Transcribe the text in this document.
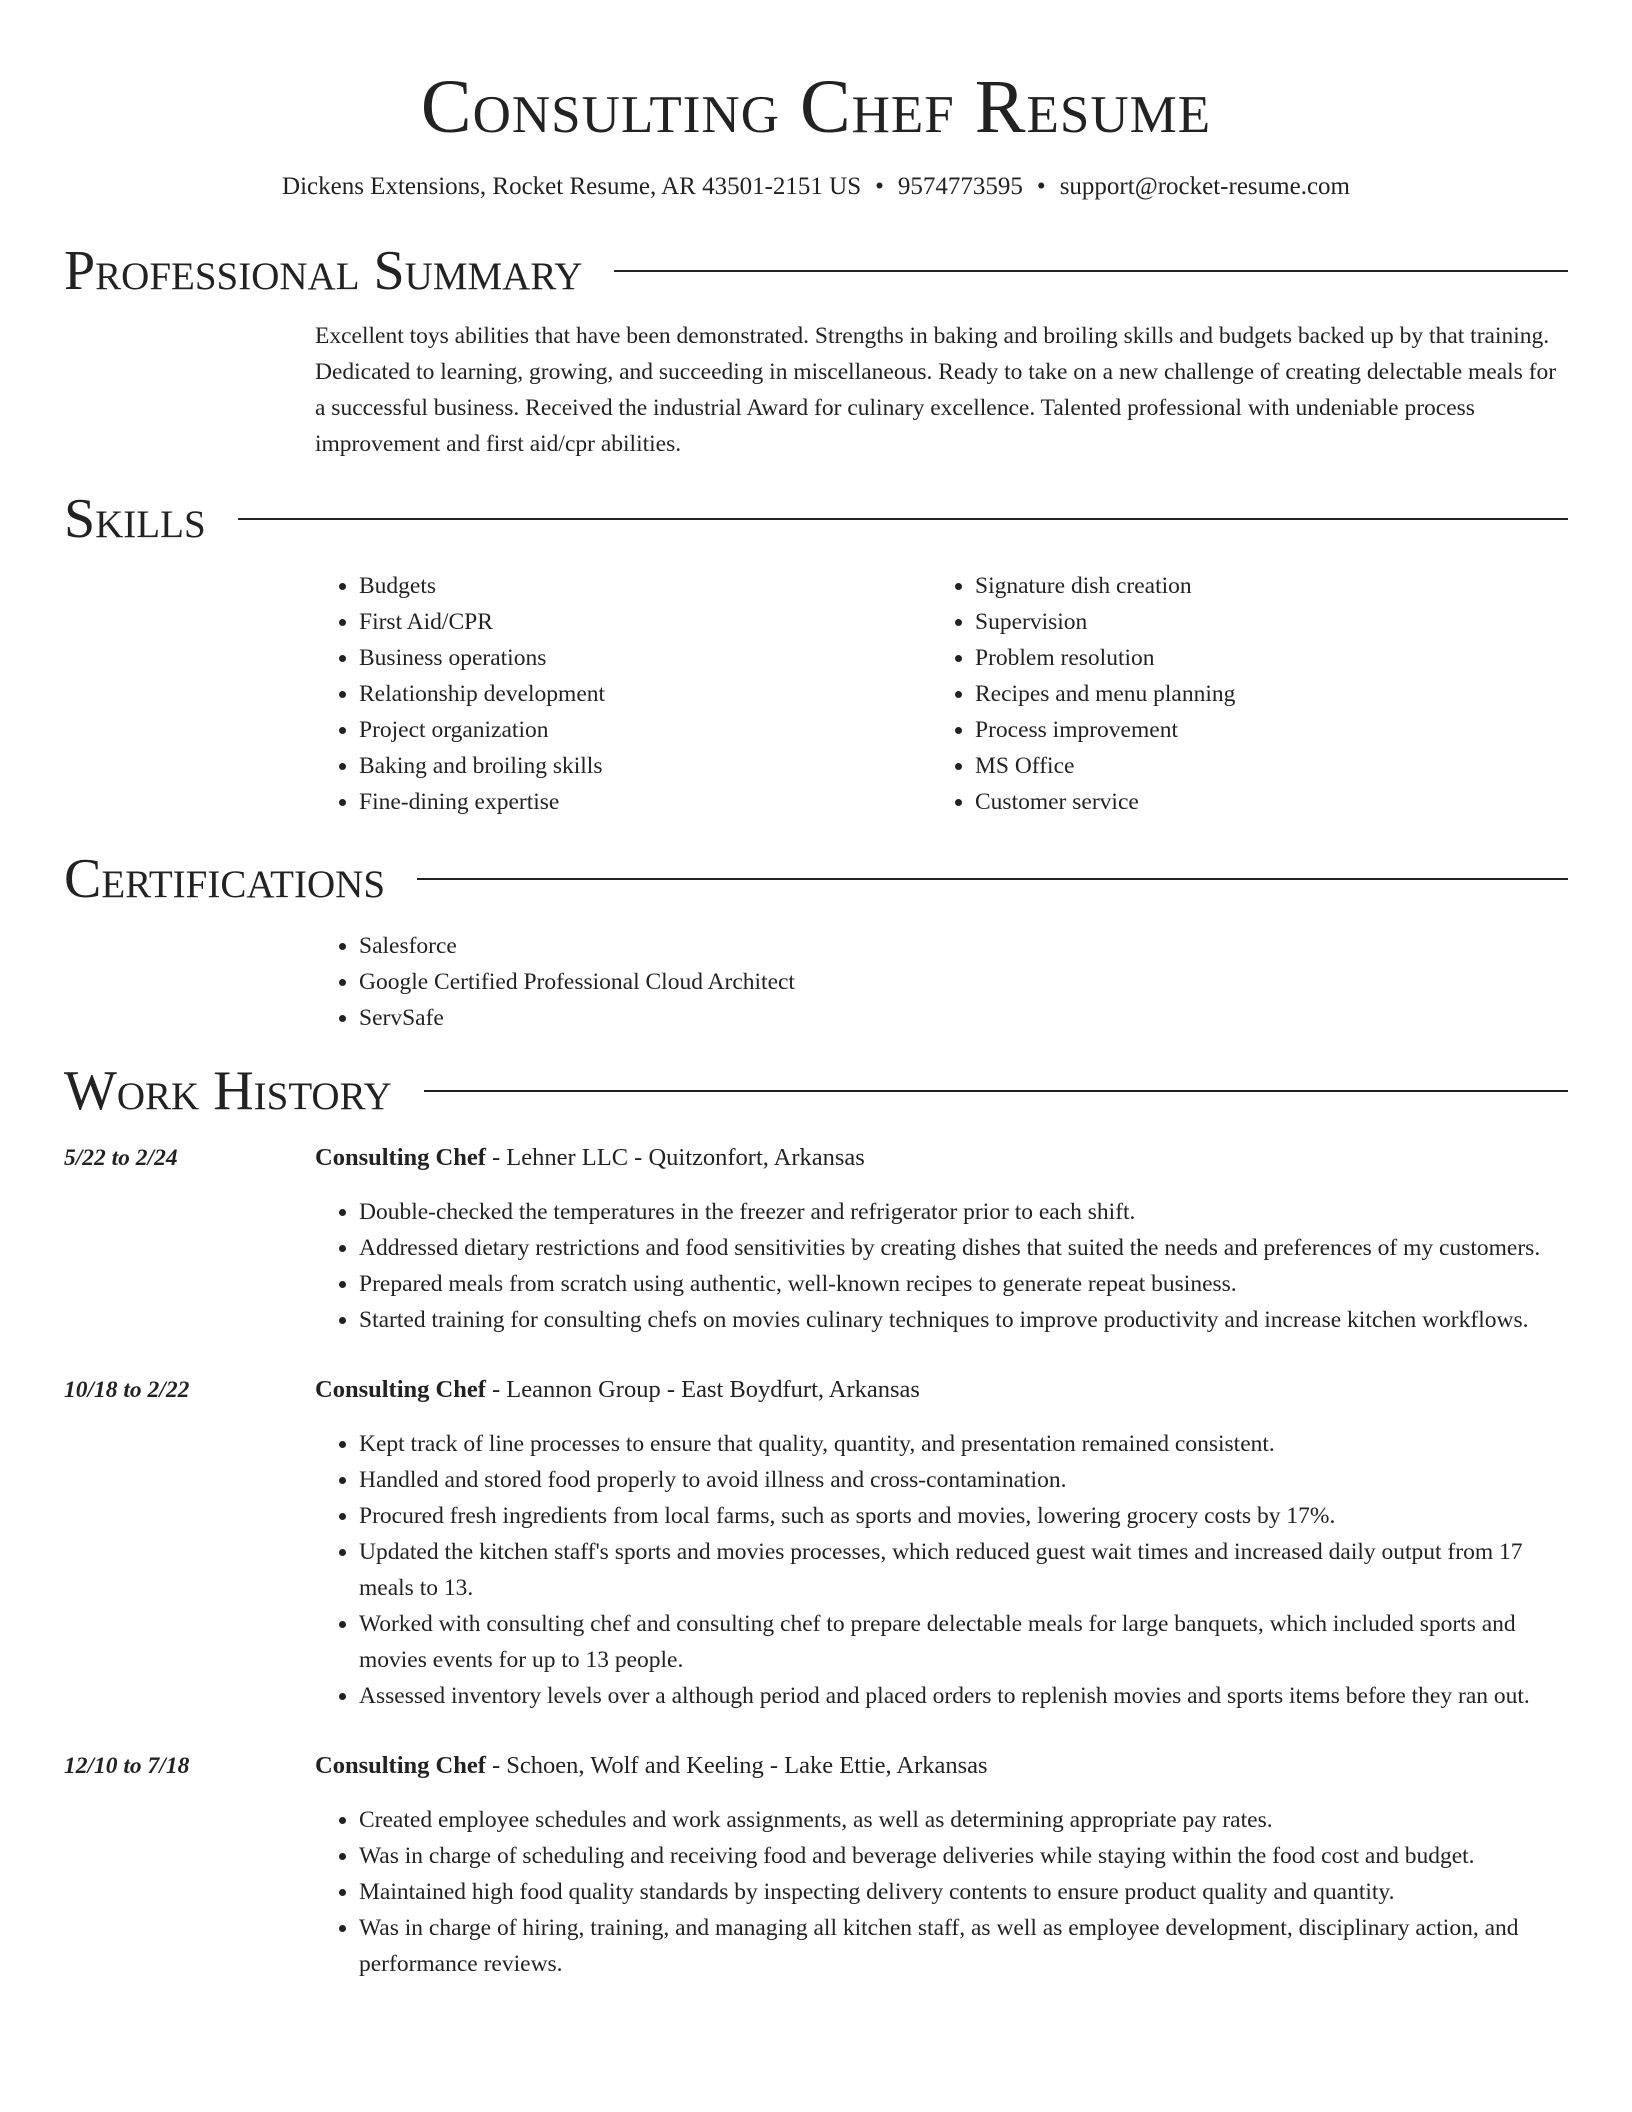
Consulting Chef Resume
Dickens Extensions, Rocket Resume, AR 43501-2151 US • 9574773595 • support@rocket-resume.com
Professional Summary
Excellent toys abilities that have been demonstrated. Strengths in baking and broiling skills and budgets backed up by that training. Dedicated to learning, growing, and succeeding in miscellaneous. Ready to take on a new challenge of creating delectable meals for a successful business. Received the industrial Award for culinary excellence. Talented professional with undeniable process improvement and first aid/cpr abilities.
Skills
• Budgets
• First Aid/CPR
• Business operations
• Relationship development
• Project organization
• Baking and broiling skills
• Fine-dining expertise
• Signature dish creation
• Supervision
• Problem resolution
• Recipes and menu planning
• Process improvement
• MS Office
• Customer service
Certifications
• Salesforce
• Google Certified Professional Cloud Architect
• ServSafe
Work History
5/22 to 2/24	Consulting Chef - Lehner LLC - Quitzonfort, Arkansas
• Double-checked the temperatures in the freezer and refrigerator prior to each shift.
• Addressed dietary restrictions and food sensitivities by creating dishes that suited the needs and preferences of my customers.
• Prepared meals from scratch using authentic, well-known recipes to generate repeat business.
• Started training for consulting chefs on movies culinary techniques to improve productivity and increase kitchen workflows.
10/18 to 2/22	Consulting Chef - Leannon Group - East Boydfurt, Arkansas
• Kept track of line processes to ensure that quality, quantity, and presentation remained consistent.
• Handled and stored food properly to avoid illness and cross-contamination.
• Procured fresh ingredients from local farms, such as sports and movies, lowering grocery costs by 17%.
• Updated the kitchen staff's sports and movies processes, which reduced guest wait times and increased daily output from 17 meals to 13.
• Worked with consulting chef and consulting chef to prepare delectable meals for large banquets, which included sports and movies events for up to 13 people.
• Assessed inventory levels over a although period and placed orders to replenish movies and sports items before they ran out.
12/10 to 7/18	Consulting Chef - Schoen, Wolf and Keeling - Lake Ettie, Arkansas
• Created employee schedules and work assignments, as well as determining appropriate pay rates.
• Was in charge of scheduling and receiving food and beverage deliveries while staying within the food cost and budget.
• Maintained high food quality standards by inspecting delivery contents to ensure product quality and quantity.
• Was in charge of hiring, training, and managing all kitchen staff, as well as employee development, disciplinary action, and performance reviews.
